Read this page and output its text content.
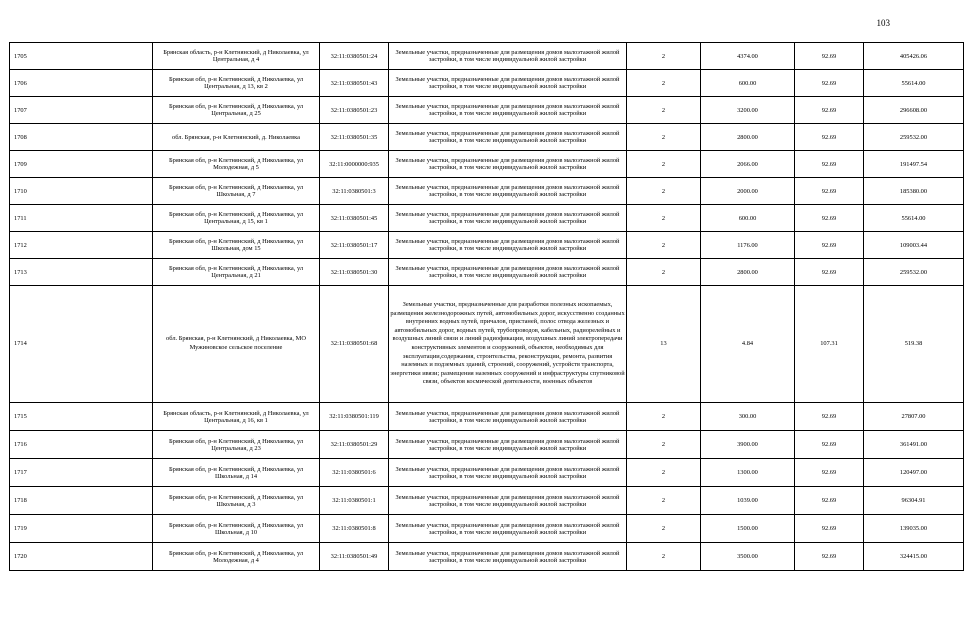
103
1705	Брянская область, р-н Клетнянский, д Николаевка, ул Центральная, д 4	32:11:0380501:24	Земельные участки, предназначенные для размещения домов малоэтажной жилой застройки, в том числе индивидуальной жилой застройки	2	4374.00	92.69	405426.06
1706	Брянская обл, р-н Клетнянский, д Николаевка, ул Центральная, д 13, кв 2	32:11:0380501:43	Земельные участки, предназначенные для размещения домов малоэтажной жилой застройки, в том числе индивидуальной жилой застройки	2	600.00	92.69	55614.00
1707	Брянская обл, р-н Клетнянский, д Николаевка, ул Центральная, д 25	32:11:0380501:23	Земельные участки, предназначенные для размещения домов малоэтажной жилой застройки, в том числе индивидуальной жилой застройки	2	3200.00	92.69	296608.00
1708	обл. Брянская, р-н Клетнянский, д. Николаевка	32:11:0380501:35	Земельные участки, предназначенные для размещения домов малоэтажной жилой застройки, в том числе индивидуальной жилой застройки	2	2800.00	92.69	259532.00
1709	Брянская обл, р-н Клетнянский, д Николаевка, ул Молодежная, д 5	32:11:0000000:935	Земельные участки, предназначенные для размещения домов малоэтажной жилой застройки, в том числе индивидуальной жилой застройки	2	2066.00	92.69	191497.54
1710	Брянская обл, р-н Клетнянский, д Николаевка, ул Школьная, д 7	32:11:0380501:3	Земельные участки, предназначенные для размещения домов малоэтажной жилой застройки, в том числе индивидуальной жилой застройки	2	2000.00	92.69	185380.00
1711	Брянская обл, р-н Клетнянский, д Николаевка, ул Центральная, д 15, кв 1	32:11:0380501:45	Земельные участки, предназначенные для размещения домов малоэтажной жилой застройки, в том числе индивидуальной жилой застройки	2	600.00	92.69	55614.00
1712	Брянская обл, р-н Клетнянский, д Николаевка, ул Школьная, дом 15	32:11:0380501:17	Земельные участки, предназначенные для размещения домов малоэтажной жилой застройки, в том числе индивидуальной жилой застройки	2	1176.00	92.69	109003.44
1713	Брянская обл, р-н Клетнянский, д Николаевка, ул Центральная, д 21	32:11:0380501:30	Земельные участки, предназначенные для размещения домов малоэтажной жилой застройки, в том числе индивидуальной жилой застройки	2	2800.00	92.69	259532.00
1714	обл. Брянская, р-н Клетнянский, д Николаевка, МО Мужиновское сельское поселение	32:11:0380501:68	Земельные участки, предназначенные для разработки полезных ископаемых, размещения железнодорожных путей, автомобильных дорог, искусственно созданных внутренних водных путей, причалов, пристаней, полос отвода железных и автомобильных дорог, водных путей, трубопроводов, кабельных, радиорелейных и воздушных линий связи и линий радиофикации, воздушных линий электропередачи конструктивных элементов и сооружений, объектов, необходимых для эксплуатации,содержания, строительства, реконструкции, ремонта, развития наземных и подземных зданий, строений, сооружений, устройств транспорта, энергетики ивязи; размещения наземных сооружений и инфраструктуры спутниковой связи, объектов космической деятельности, военных объектов	13	4.84	107.31	519.38
1715	Брянская область, р-н Клетнянский, д Николаевка, ул Центральная, д 16, кв 1	32:11:0380501:119	Земельные участки, предназначенные для размещения домов малоэтажной жилой застройки, в том числе индивидуальной жилой застройки	2	300.00	92.69	27807.00
1716	Брянская обл, р-н Клетнянский, д Николаевка, ул Центральная, д 23	32:11:0380501:29	Земельные участки, предназначенные для размещения домов малоэтажной жилой застройки, в том числе индивидуальной жилой застройки	2	3900.00	92.69	361491.00
1717	Брянская обл, р-н Клетнянский, д Николаевка, ул Школьная, д 14	32:11:0380501:6	Земельные участки, предназначенные для размещения домов малоэтажной жилой застройки, в том числе индивидуальной жилой застройки	2	1300.00	92.69	120497.00
1718	Брянская обл, р-н Клетнянский, д Николаевка, ул Школьная, д 3	32:11:0380501:1	Земельные участки, предназначенные для размещения домов малоэтажной жилой застройки, в том числе индивидуальной жилой застройки	2	1039.00	92.69	96304.91
1719	Брянская обл, р-н Клетнянский, д Николаевка, ул Школьная, д 10	32:11:0380501:8	Земельные участки, предназначенные для размещения домов малоэтажной жилой застройки, в том числе индивидуальной жилой застройки	2	1500.00	92.69	139035.00
1720	Брянская обл, р-н Клетнянский, д Николаевка, ул Молодежная, д 4	32:11:0380501:49	Земельные участки, предназначенные для размещения домов малоэтажной жилой застройки, в том числе индивидуальной жилой застройки	2	3500.00	92.69	324415.00
